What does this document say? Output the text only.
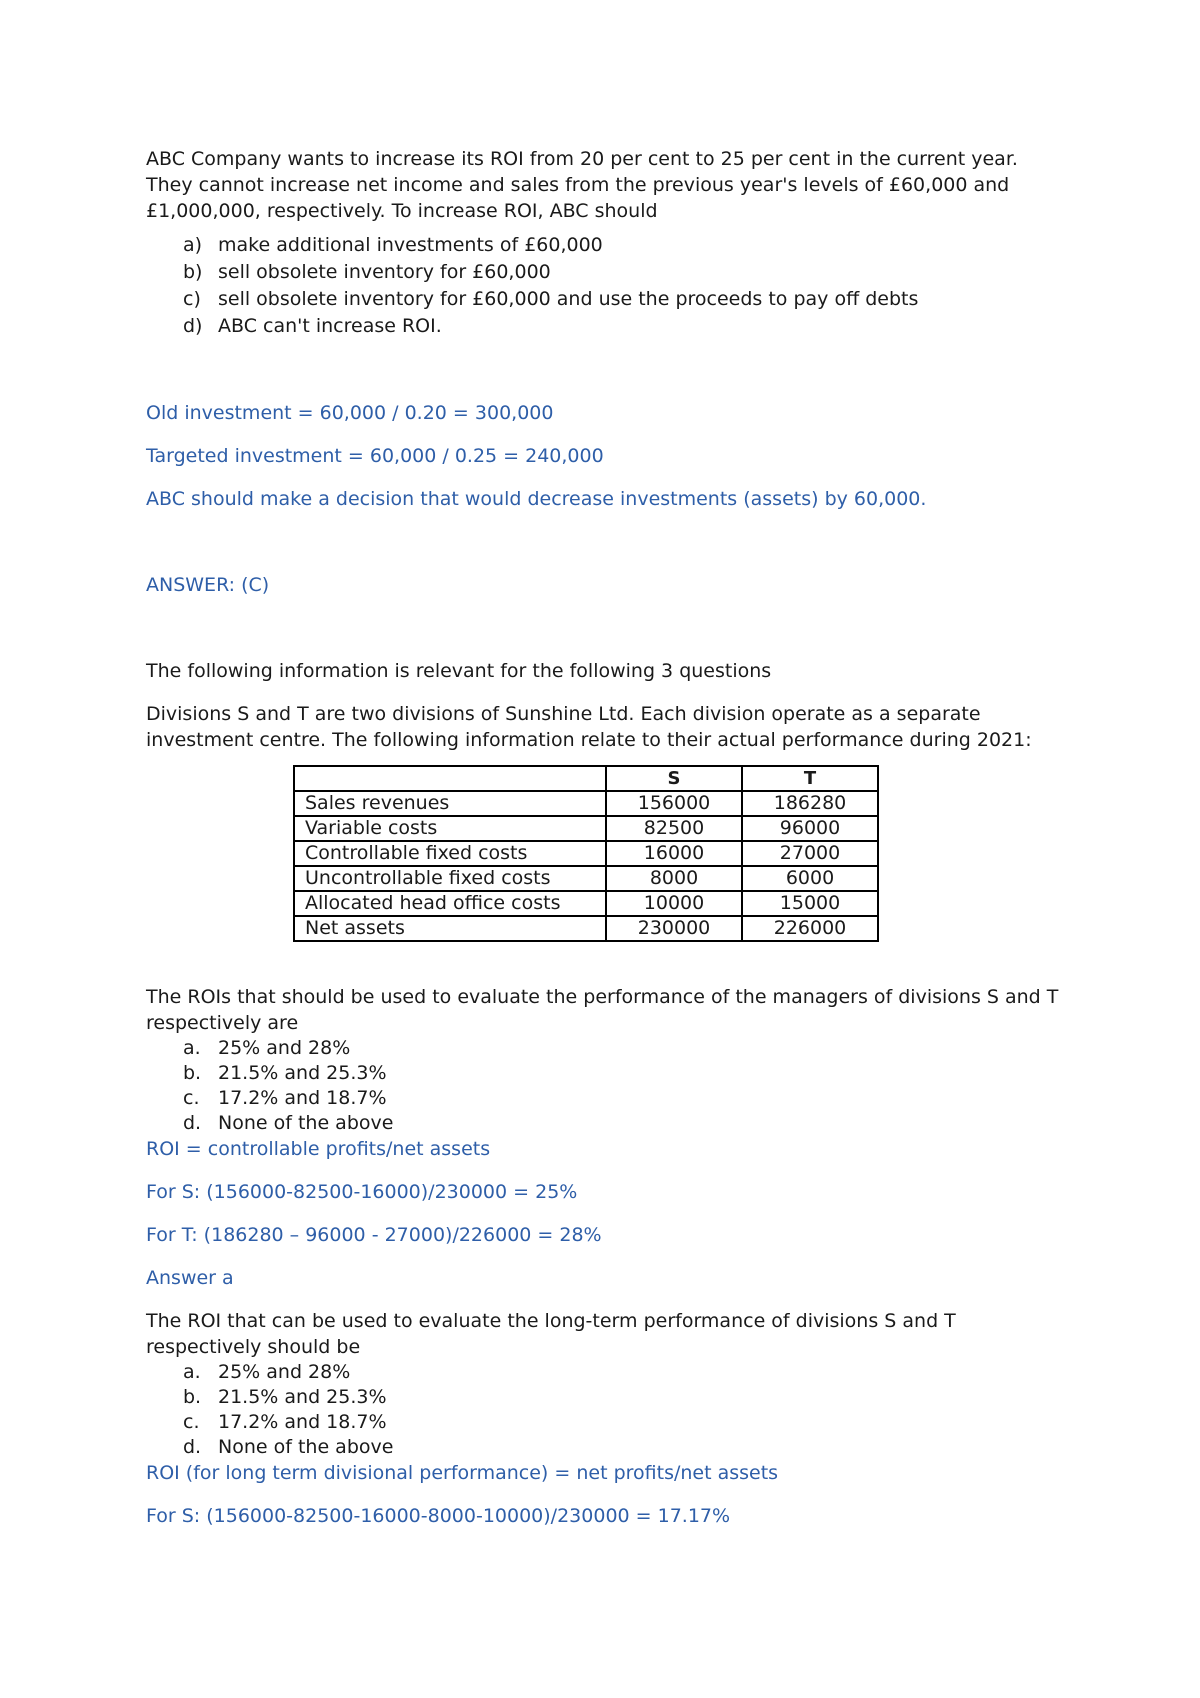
ABC Company wants to increase its ROI from 20 per cent to 25 per cent in the current year. They cannot increase net income and sales from the previous year's levels of £60,000 and £1,000,000, respectively. To increase ROI, ABC should

a) make additional investments of £60,000
b) sell obsolete inventory for £60,000
c) sell obsolete inventory for £60,000 and use the proceeds to pay off debts
d) ABC can't increase ROI.

Old investment = 60,000 / 0.20 = 300,000

Targeted investment = 60,000 / 0.25 = 240,000

ABC should make a decision that would decrease investments (assets) by 60,000.

ANSWER: (C)

The following information is relevant for the following 3 questions

Divisions S and T are two divisions of Sunshine Ltd. Each division operate as a separate investment centre. The following information relate to their actual performance during 2021:

	S	T
Sales revenues	156000	186280
Variable costs	82500	96000
Controllable fixed costs	16000	27000
Uncontrollable fixed costs	8000	6000
Allocated head office costs	10000	15000
Net assets	230000	226000

The ROIs that should be used to evaluate the performance of the managers of divisions S and T respectively are

a. 25% and 28%
b. 21.5% and 25.3%
c. 17.2% and 18.7%
d. None of the above

ROI = controllable profits/net assets

For S: (156000-82500-16000)/230000 = 25%

For T: (186280 – 96000 - 27000)/226000 = 28%

Answer a

The ROI that can be used to evaluate the long-term performance of divisions S and T respectively should be

a. 25% and 28%
b. 21.5% and 25.3%
c. 17.2% and 18.7%
d. None of the above

ROI (for long term divisional performance) = net profits/net assets

For S: (156000-82500-16000-8000-10000)/230000 = 17.17%
